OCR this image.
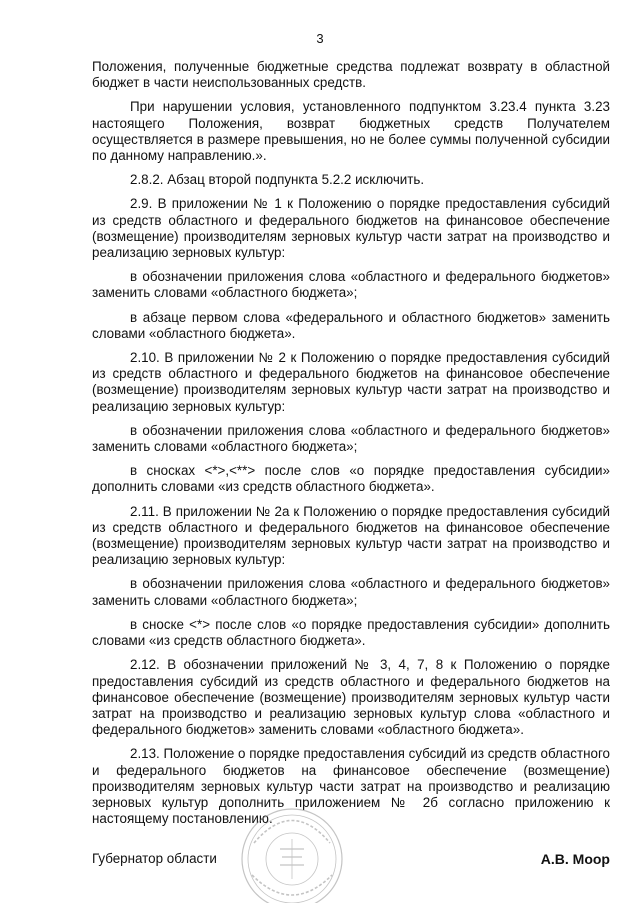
3

Положения, полученные бюджетные средства подлежат возврату в областной бюджет в части неиспользованных средств.

При нарушении условия, установленного подпунктом 3.23.4 пункта 3.23 настоящего Положения, возврат бюджетных средств Получателем осуществляется в размере превышения, но не более суммы полученной субсидии по данному направлению.».

2.8.2. Абзац второй подпункта 5.2.2 исключить.

2.9. В приложении № 1 к Положению о порядке предоставления субсидий из средств областного и федерального бюджетов на финансовое обеспечение (возмещение) производителям зерновых культур части затрат на производство и реализацию зерновых культур:

в обозначении приложения слова «областного и федерального бюджетов» заменить словами «областного бюджета»;

в абзаце первом слова «федерального и областного бюджетов» заменить словами «областного бюджета».

2.10. В приложении № 2 к Положению о порядке предоставления субсидий из средств областного и федерального бюджетов на финансовое обеспечение (возмещение) производителям зерновых культур части затрат на производство и реализацию зерновых культур:

в обозначении приложения слова «областного и федерального бюджетов» заменить словами «областного бюджета»;

в сносках <*>,<**> после слов «о порядке предоставления субсидии» дополнить словами «из средств областного бюджета».

2.11. В приложении № 2а к Положению о порядке предоставления субсидий из средств областного и федерального бюджетов на финансовое обеспечение (возмещение) производителям зерновых культур части затрат на производство и реализацию зерновых культур:

в обозначении приложения слова «областного и федерального бюджетов» заменить словами «областного бюджета»;

в сноске <*> после слов «о порядке предоставления субсидии» дополнить словами «из средств областного бюджета».

2.12. В обозначении приложений № 3, 4, 7, 8 к Положению о порядке предоставления субсидий из средств областного и федерального бюджетов на финансовое обеспечение (возмещение) производителям зерновых культур части затрат на производство и реализацию зерновых культур слова «областного и федерального бюджетов» заменить словами «областного бюджета».

2.13. Положение о порядке предоставления субсидий из средств областного и федерального бюджетов на финансовое обеспечение (возмещение) производителям зерновых культур части затрат на производство и реализацию зерновых культур дополнить приложением № 2б согласно приложению к настоящему постановлению.

Губернатор области	А.В. Моор
